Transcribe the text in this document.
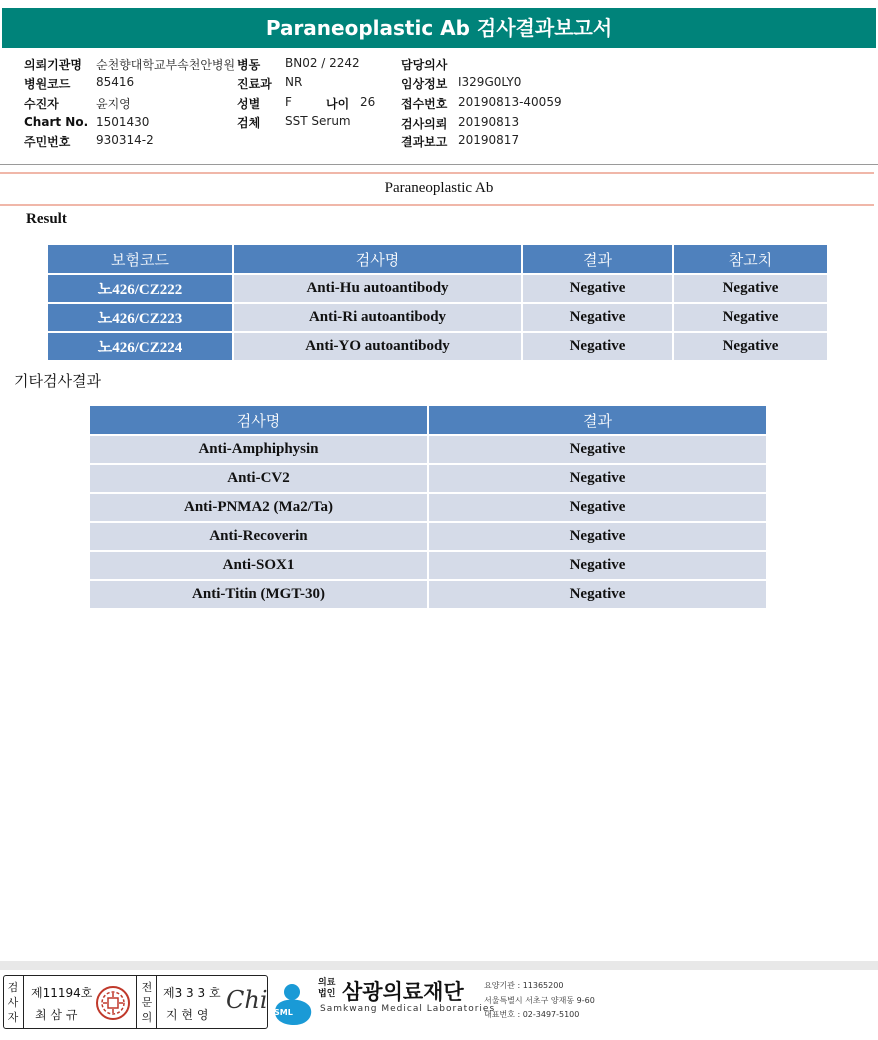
Paraneoplastic Ab 검사결과보고서
의뢰기관명 순천향대학교부속천안병원
병원코드 85416
수진자	윤지영
Chart No. 1501430
주민번호 930314-2
병동 BN02 / 2242
진료과 NR
성별 F	나이 26
검체 SST Serum
담당의사
임상정보 I329G0LY0
접수번호 20190813-40059
검사의뢰 20190813
결과보고 20190817
Paraneoplastic Ab
Result
보험코드	검사명	결과	참고치
노426/CZ222	Anti-Hu autoantibody	Negative	Negative
노426/CZ223	Anti-Ri autoantibody	Negative	Negative
노426/CZ224	Anti-YO autoantibody	Negative	Negative
기타검사결과
검사명	결과
Anti-Amphiphysin	Negative
Anti-CV2	Negative
Anti-PNMA2 (Ma2/Ta)	Negative
Anti-Recoverin	Negative
Anti-SOX1	Negative
Anti-Titin (MGT-30)	Negative
검사자
제11194호
최 삼 규
전문의
제3 3 3 호
지 현 영
Chi SML
의료
법인 삼광의료재단
Samkwang Medical Laboratories
요양기관 : 11365200
서울특별시 서초구 양재동 9-60
대표번호 : 02-3497-5100
